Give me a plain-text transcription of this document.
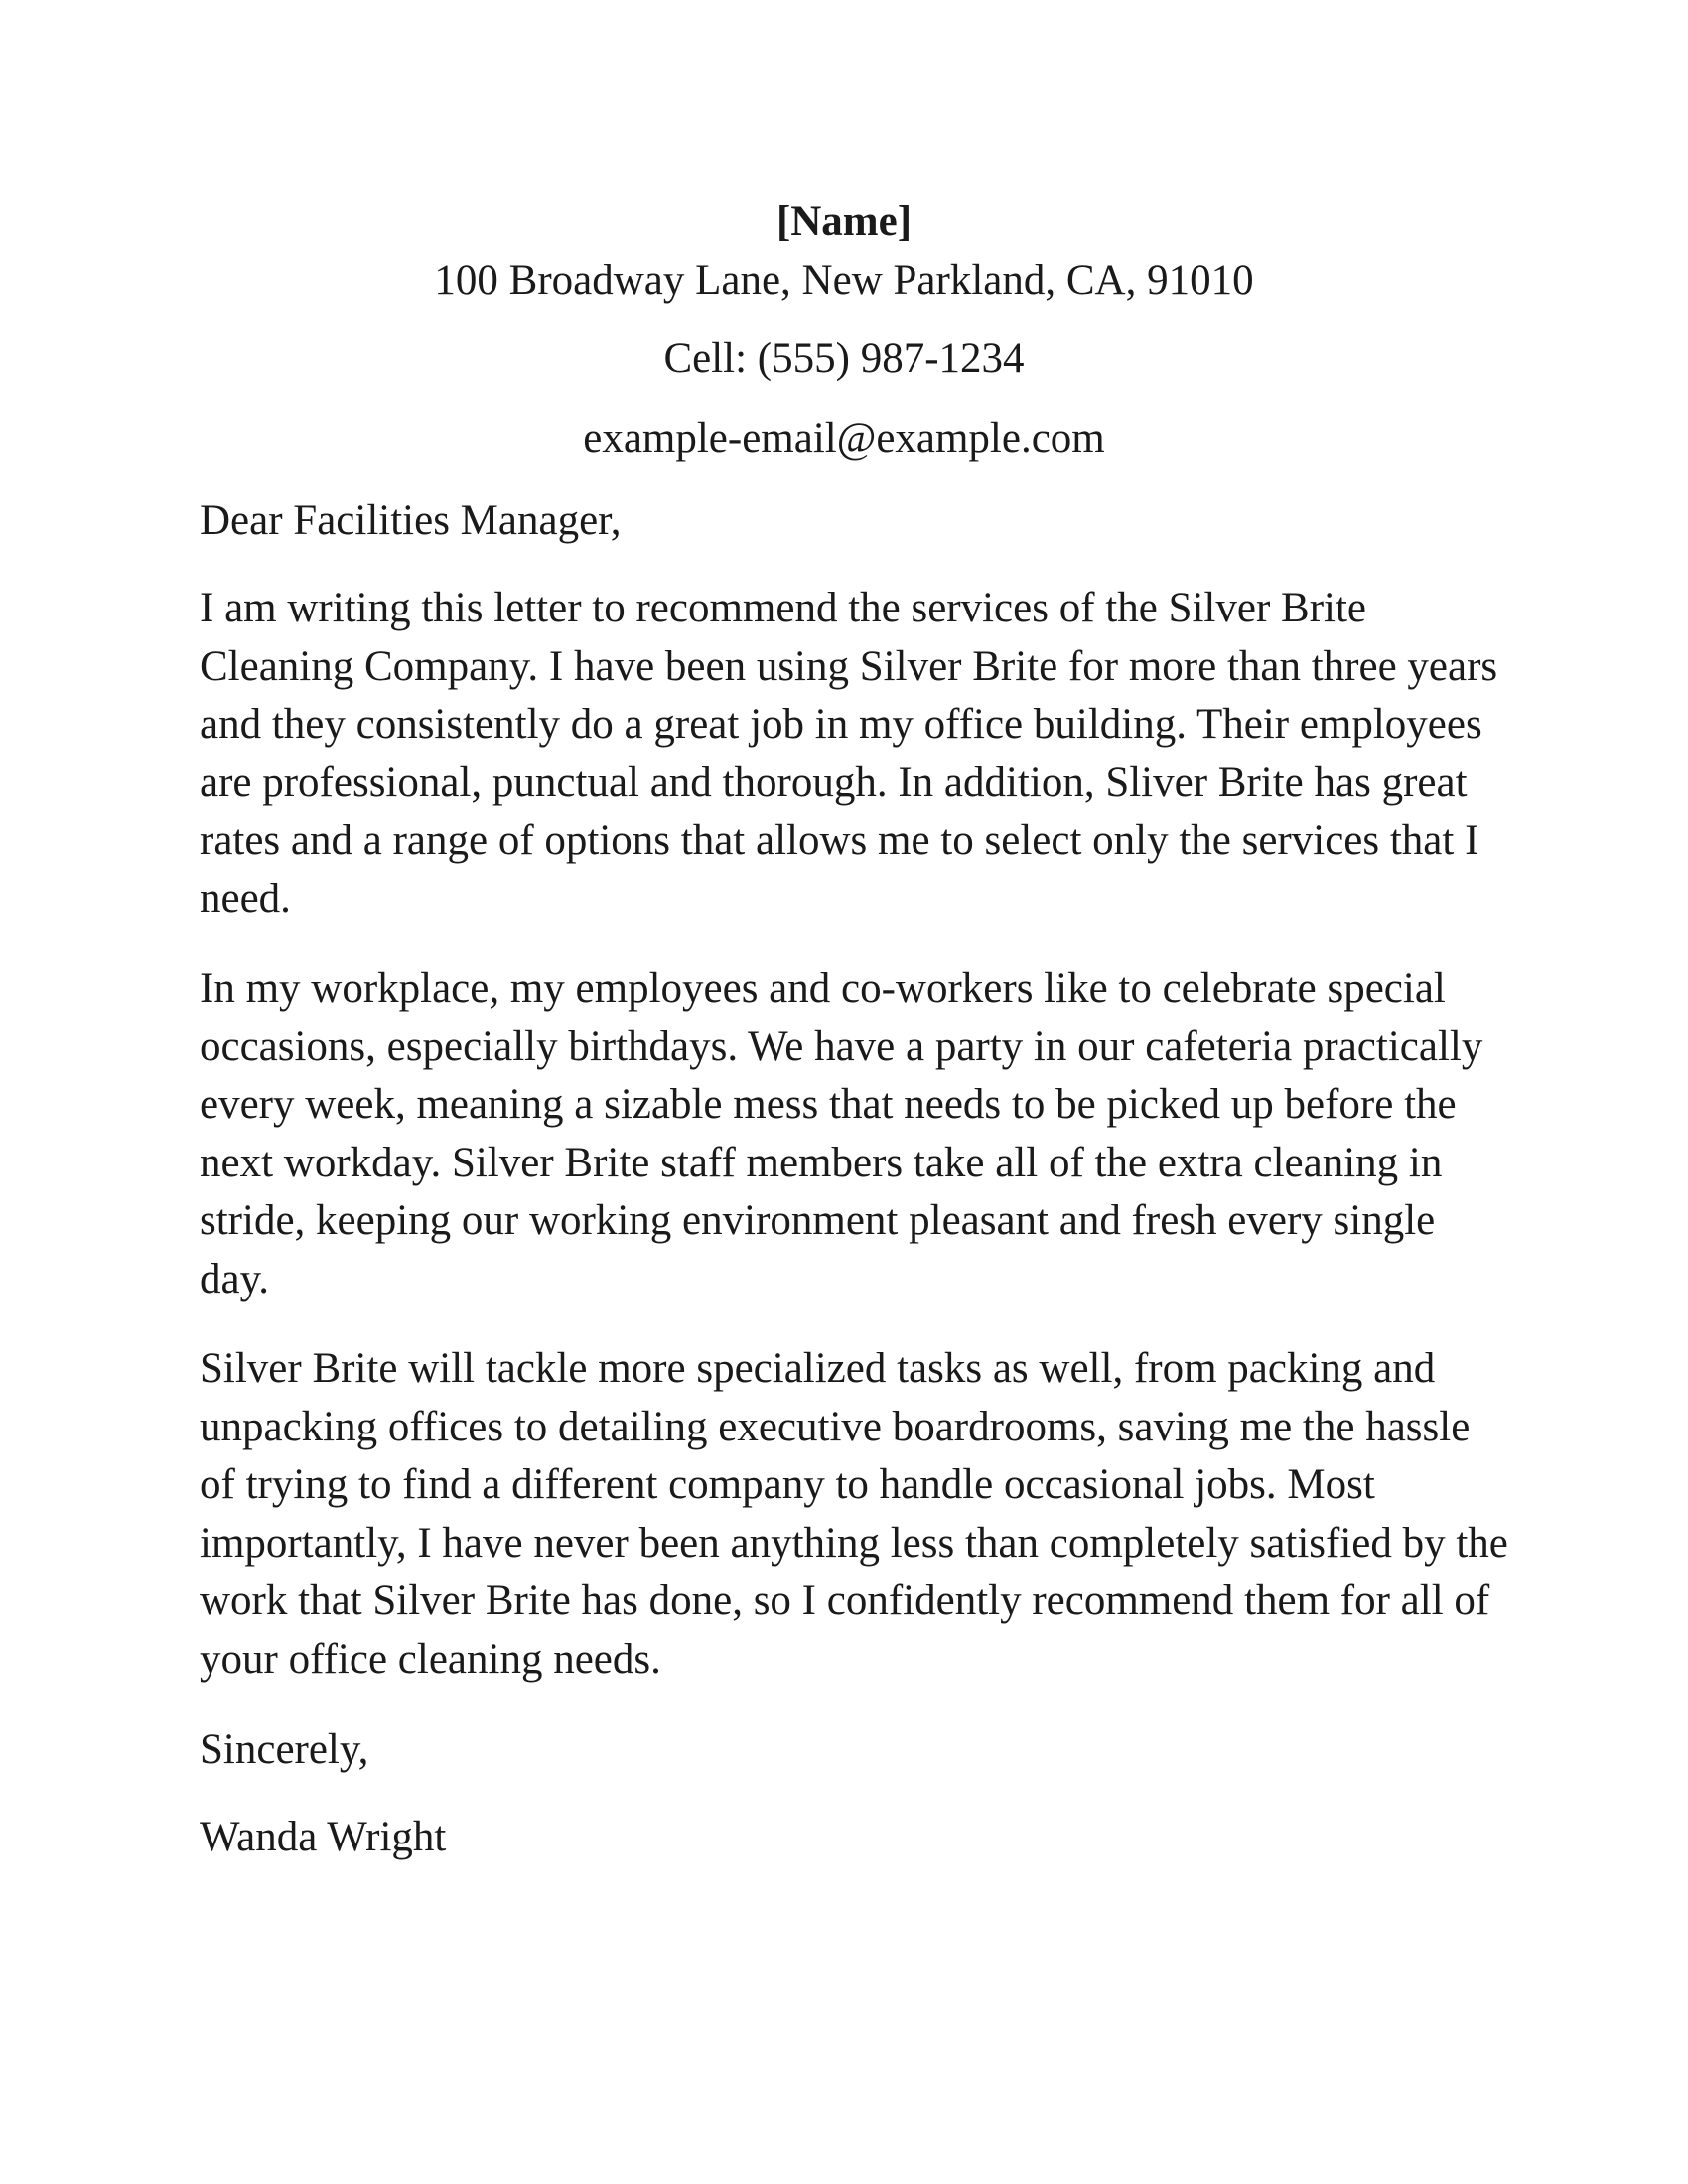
[Name]

100 Broadway Lane, New Parkland, CA, 91010

Cell: (555) 987-1234

example-email@example.com

Dear Facilities Manager,

I am writing this letter to recommend the services of the Silver Brite Cleaning Company. I have been using Silver Brite for more than three years and they consistently do a great job in my office building. Their employees are professional, punctual and thorough. In addition, Sliver Brite has great rates and a range of options that allows me to select only the services that I need.

In my workplace, my employees and co-workers like to celebrate special occasions, especially birthdays. We have a party in our cafeteria practically every week, meaning a sizable mess that needs to be picked up before the next workday. Silver Brite staff members take all of the extra cleaning in stride, keeping our working environment pleasant and fresh every single day.

Silver Brite will tackle more specialized tasks as well, from packing and unpacking offices to detailing executive boardrooms, saving me the hassle of trying to find a different company to handle occasional jobs. Most importantly, I have never been anything less than completely satisfied by the work that Silver Brite has done, so I confidently recommend them for all of your office cleaning needs.

Sincerely,

Wanda Wright
